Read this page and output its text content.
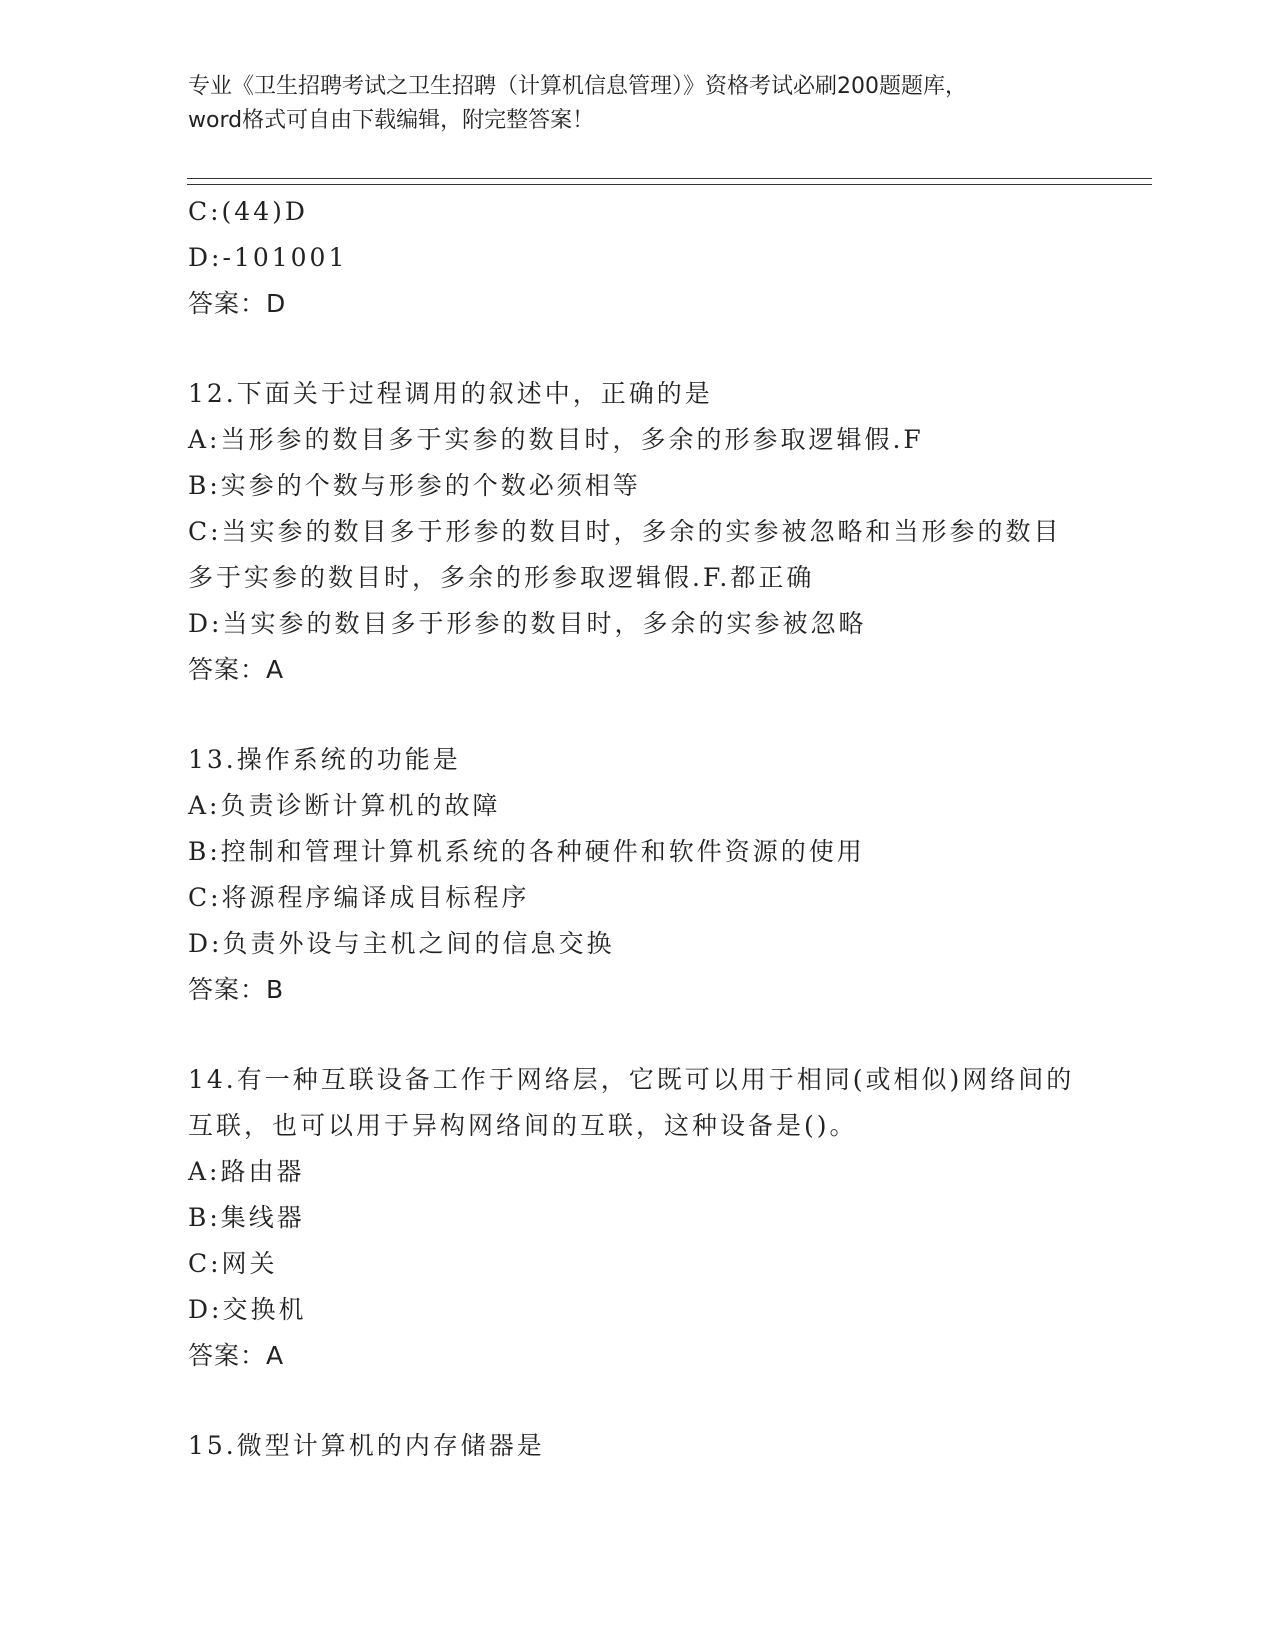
专业《卫生招聘考试之卫生招聘（计算机信息管理）》资格考试必刷200题题库，
word格式可自由下载编辑，附完整答案！
C:(44)D
D:-101001
答案：D
12.下面关于过程调用的叙述中，正确的是
A:当形参的数目多于实参的数目时，多余的形参取逻辑假.F
B:实参的个数与形参的个数必须相等
C:当实参的数目多于形参的数目时，多余的实参被忽略和当形参的数目多于实参的数目时，多余的形参取逻辑假.F.都正确
D:当实参的数目多于形参的数目时，多余的实参被忽略
答案：A
13.操作系统的功能是
A:负责诊断计算机的故障
B:控制和管理计算机系统的各种硬件和软件资源的使用
C:将源程序编译成目标程序
D:负责外设与主机之间的信息交换
答案：B
14.有一种互联设备工作于网络层，它既可以用于相同(或相似)网络间的互联，也可以用于异构网络间的互联，这种设备是()。
A:路由器
B:集线器
C:网关
D:交换机
答案：A
15.微型计算机的内存储器是
